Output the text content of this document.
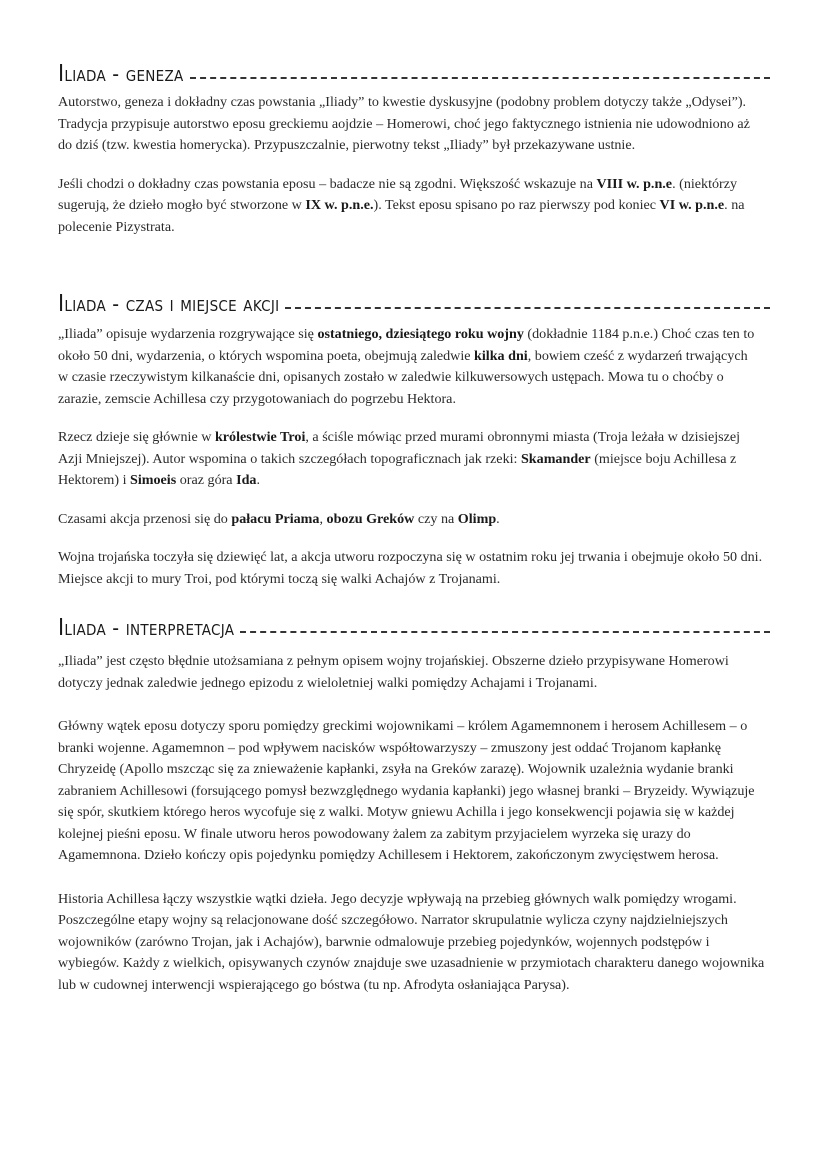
Iliada - geneza

Autorstwo, geneza i dokładny czas powstania „Iliady” to kwestie dyskusyjne (podobny problem dotyczy także „Odysei”). Tradycja przypisuje autorstwo eposu greckiemu aojdzie – Homerowi, choć jego faktycznego istnienia nie udowodniono aż do dziś (tzw. kwestia homerycka). Przypuszczalnie, pierwotny tekst „Iliady” był przekazywane ustnie.

Jeśli chodzi o dokładny czas powstania eposu – badacze nie są zgodni. Większość wskazuje na VIII w. p.n.e. (niektórzy sugerują, że dzieło mogło być stworzone w IX w. p.n.e.). Tekst eposu spisano po raz pierwszy pod koniec VI w. p.n.e. na polecenie Pizystrata.

Iliada - czas i miejsce akcji

„Iliada” opisuje wydarzenia rozgrywające się ostatniego, dziesiątego roku wojny (dokładnie 1184 p.n.e.) Choć czas ten to około 50 dni, wydarzenia, o których wspomina poeta, obejmują zaledwie kilka dni, bowiem cześć z wydarzeń trwających w czasie rzeczywistym kilkanaście dni, opisanych zostało w zaledwie kilkuwersowych ustępach. Mowa tu o choćby o zarazie, zemscie Achillesa czy przygotowaniach do pogrzebu Hektora.

Rzecz dzieje się głównie w królestwie Troi, a ściśle mówiąc przed murami obronnymi miasta (Troja leżała w dzisiejszej Azji Mniejszej). Autor wspomina o takich szczegółach topograficznach jak rzeki: Skamander (miejsce boju Achillesa z Hektorem) i Simoeis oraz góra Ida.

Czasami akcja przenosi się do pałacu Priama, obozu Greków czy na Olimp.

Wojna trojańska toczyła się dziewięć lat, a akcja utworu rozpoczyna się w ostatnim roku jej trwania i obejmuje około 50 dni. Miejsce akcji to mury Troi, pod którymi toczą się walki Achajów z Trojanami.

Iliada - interpretacja

„Iliada” jest często błędnie utożsamiana z pełnym opisem wojny trojańskiej. Obszerne dzieło przypisywane Homerowi dotyczy jednak zaledwie jednego epizodu z wieloletniej walki pomiędzy Achajami i Trojanami.

Główny wątek eposu dotyczy sporu pomiędzy greckimi wojownikami – królem Agamemnonem i herosem Achillesem – o branki wojenne. Agamemnon – pod wpływem nacisków współtowarzyszy – zmuszony jest oddać Trojanom kapłankę Chryzeidę (Apollo mszcząc się za znieważenie kapłanki, zsyła na Greków zarazę). Wojownik uzależnia wydanie branki zabraniem Achillesowi (forsującego pomysł bezwzględnego wydania kapłanki) jego własnej branki – Bryzeidy. Wywiązuje się spór, skutkiem którego heros wycofuje się z walki. Motyw gniewu Achilla i jego konsekwencji pojawia się w każdej kolejnej pieśni eposu. W finale utworu heros powodowany żalem za zabitym przyjacielem wyrzeka się urazy do Agamemnona. Dzieło kończy opis pojedynku pomiędzy Achillesem i Hektorem, zakończonym zwycięstwem herosa.

Historia Achillesa łączy wszystkie wątki dzieła. Jego decyzje wpływają na przebieg głównych walk pomiędzy wrogami. Poszczególne etapy wojny są relacjonowane dość szczegółowo. Narrator skrupulatnie wylicza czyny najdzielniejszych wojowników (zarówno Trojan, jak i Achajów), barwnie odmalowuje przebieg pojedynków, wojennych podstępów i wybiegów. Każdy z wielkich, opisywanych czynów znajduje swe uzasadnienie w przymiotach charakteru danego wojownika lub w cudownej interwencji wspierającego go bóstwa (tu np. Afrodyta osłaniająca Parysa).
